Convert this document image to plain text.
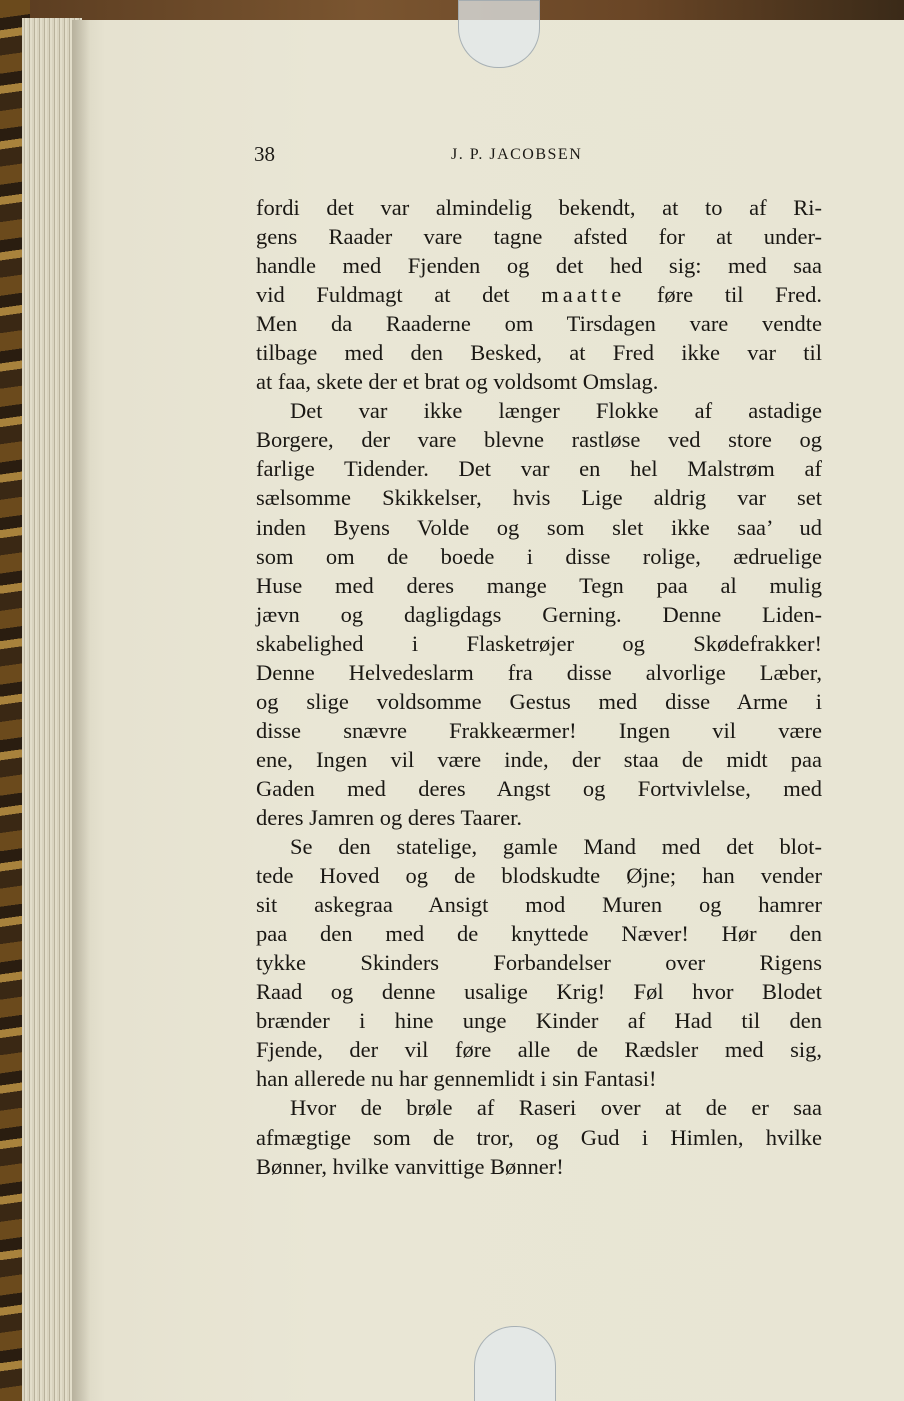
38	J. P. JACOBSEN
fordi det var almindelig bekendt, at to af Ri-
gens Raader vare tagne afsted for at under-
handle med Fjenden og det hed sig: med saa
vid Fuldmagt at det maatte føre til Fred.
Men da Raaderne om Tirsdagen vare vendte
tilbage med den Besked, at Fred ikke var til
at faa, skete der et brat og voldsomt Omslag.
Det var ikke længer Flokke af astadige
Borgere, der vare blevne rastløse ved store og
farlige Tidender. Det var en hel Malstrøm af
sælsomme Skikkelser, hvis Lige aldrig var set
inden Byens Volde og som slet ikke saa’ ud
som om de boede i disse rolige, ædruelige
Huse med deres mange Tegn paa al mulig
jævn og dagligdags Gerning. Denne Liden-
skabelighed i Flasketrøjer og Skødefrakker!
Denne Helvedeslarm fra disse alvorlige Læber,
og slige voldsomme Gestus med disse Arme i
disse snævre Frakkeærmer! Ingen vil være
ene, Ingen vil være inde, der staa de midt paa
Gaden med deres Angst og Fortvivlelse, med
deres Jamren og deres Taarer.
Se den statelige, gamle Mand med det blot-
tede Hoved og de blodskudte Øjne; han vender
sit askegraa Ansigt mod Muren og hamrer
paa den med de knyttede Næver! Hør den
tykke Skinders Forbandelser over Rigens
Raad og denne usalige Krig! Føl hvor Blodet
brænder i hine unge Kinder af Had til den
Fjende, der vil føre alle de Rædsler med sig,
han allerede nu har gennemlidt i sin Fantasi!
Hvor de brøle af Raseri over at de er saa
afmægtige som de tror, og Gud i Himlen, hvilke
Bønner, hvilke vanvittige Bønner!
